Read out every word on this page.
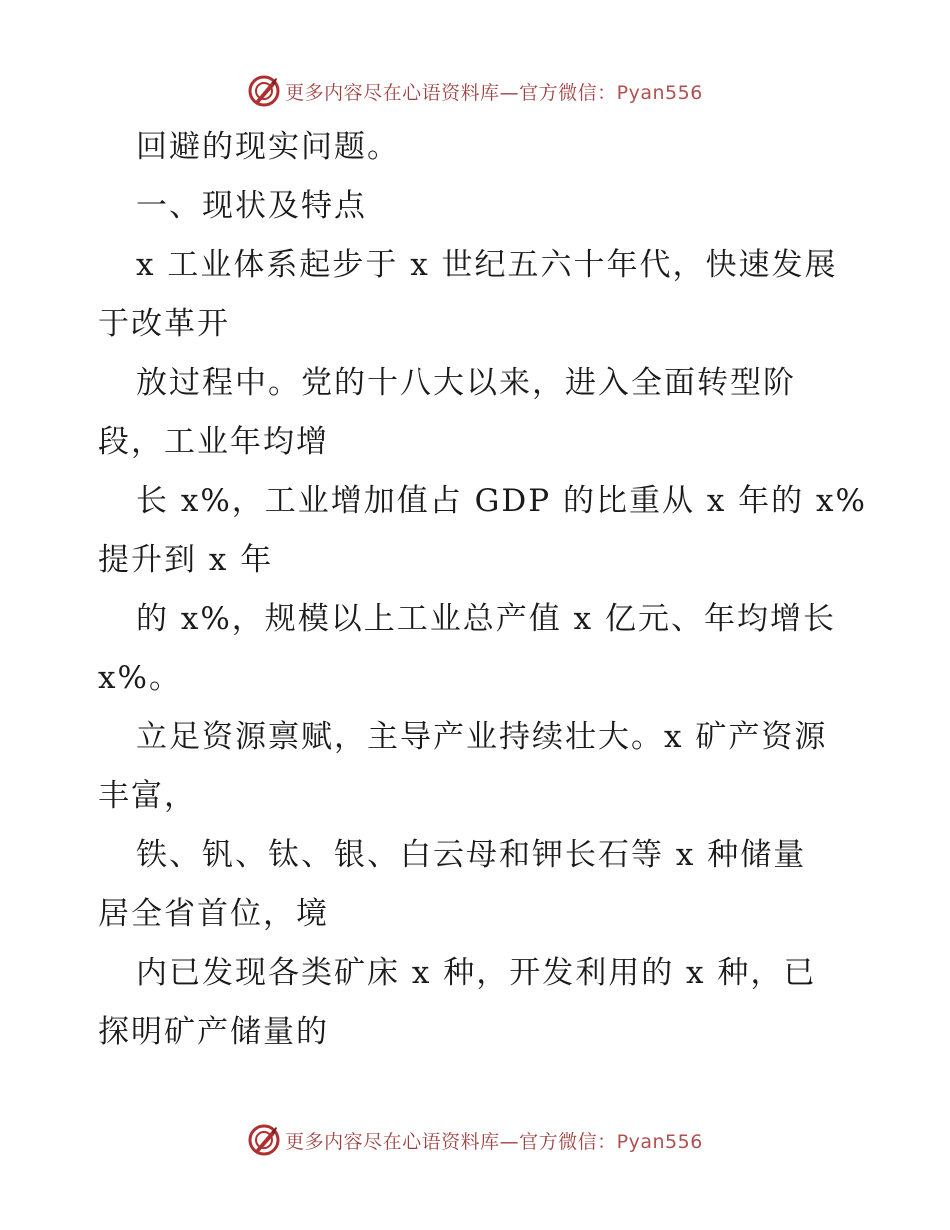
更多内容尽在心语资料库—官方微信：Pyan556
回避的现实问题。
一、现状及特点
x 工业体系起步于 x 世纪五六十年代，快速发展
于改革开
放过程中。党的十八大以来，进入全面转型阶
段，工业年均增
长 x%，工业增加值占 GDP 的比重从 x 年的 x%
提升到 x 年
的 x%，规模以上工业总产值 x 亿元、年均增长
x%。
立足资源禀赋，主导产业持续壮大。x 矿产资源
丰富，
铁、钒、钛、银、白云母和钾长石等 x 种储量
居全省首位，境
内已发现各类矿床 x 种，开发利用的 x 种，已
探明矿产储量的
更多内容尽在心语资料库—官方微信：Pyan556
